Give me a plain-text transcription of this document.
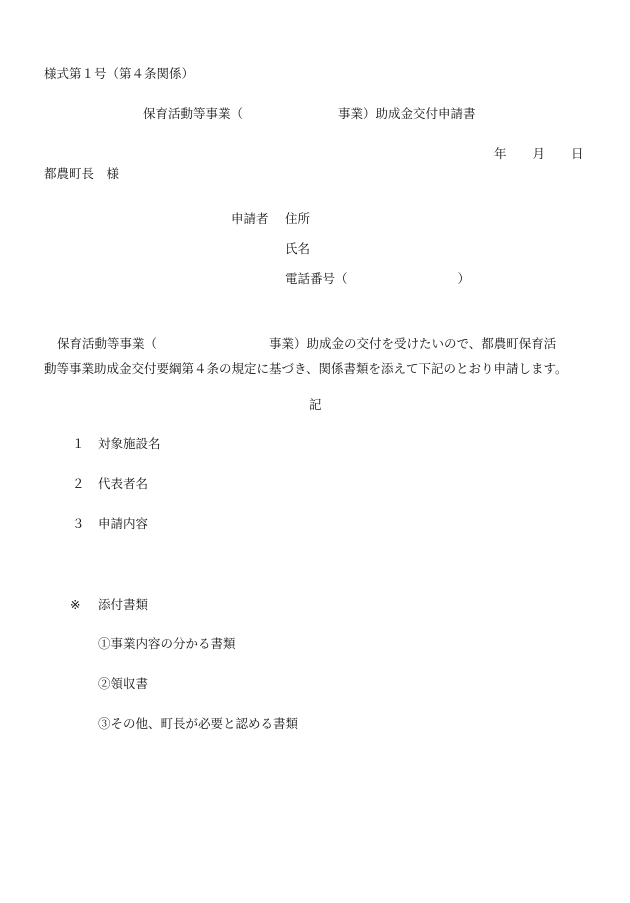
様式第１号（第４条関係）
保育活動等事業（	事業）助成金交付申請書
年 月 日
都農町長　様
申請者 住所
氏名
電話番号（	）
保育活動等事業（	事業）助成金の交付を受けたいので、都農町保育活
動等事業助成金交付要綱第４条の規定に基づき、関係書類を添えて下記のとおり申請します。
記
１ 対象施設名
２ 代表者名
３ 申請内容
※ 添付書類
①事業内容の分かる書類
②領収書
③その他、町長が必要と認める書類
